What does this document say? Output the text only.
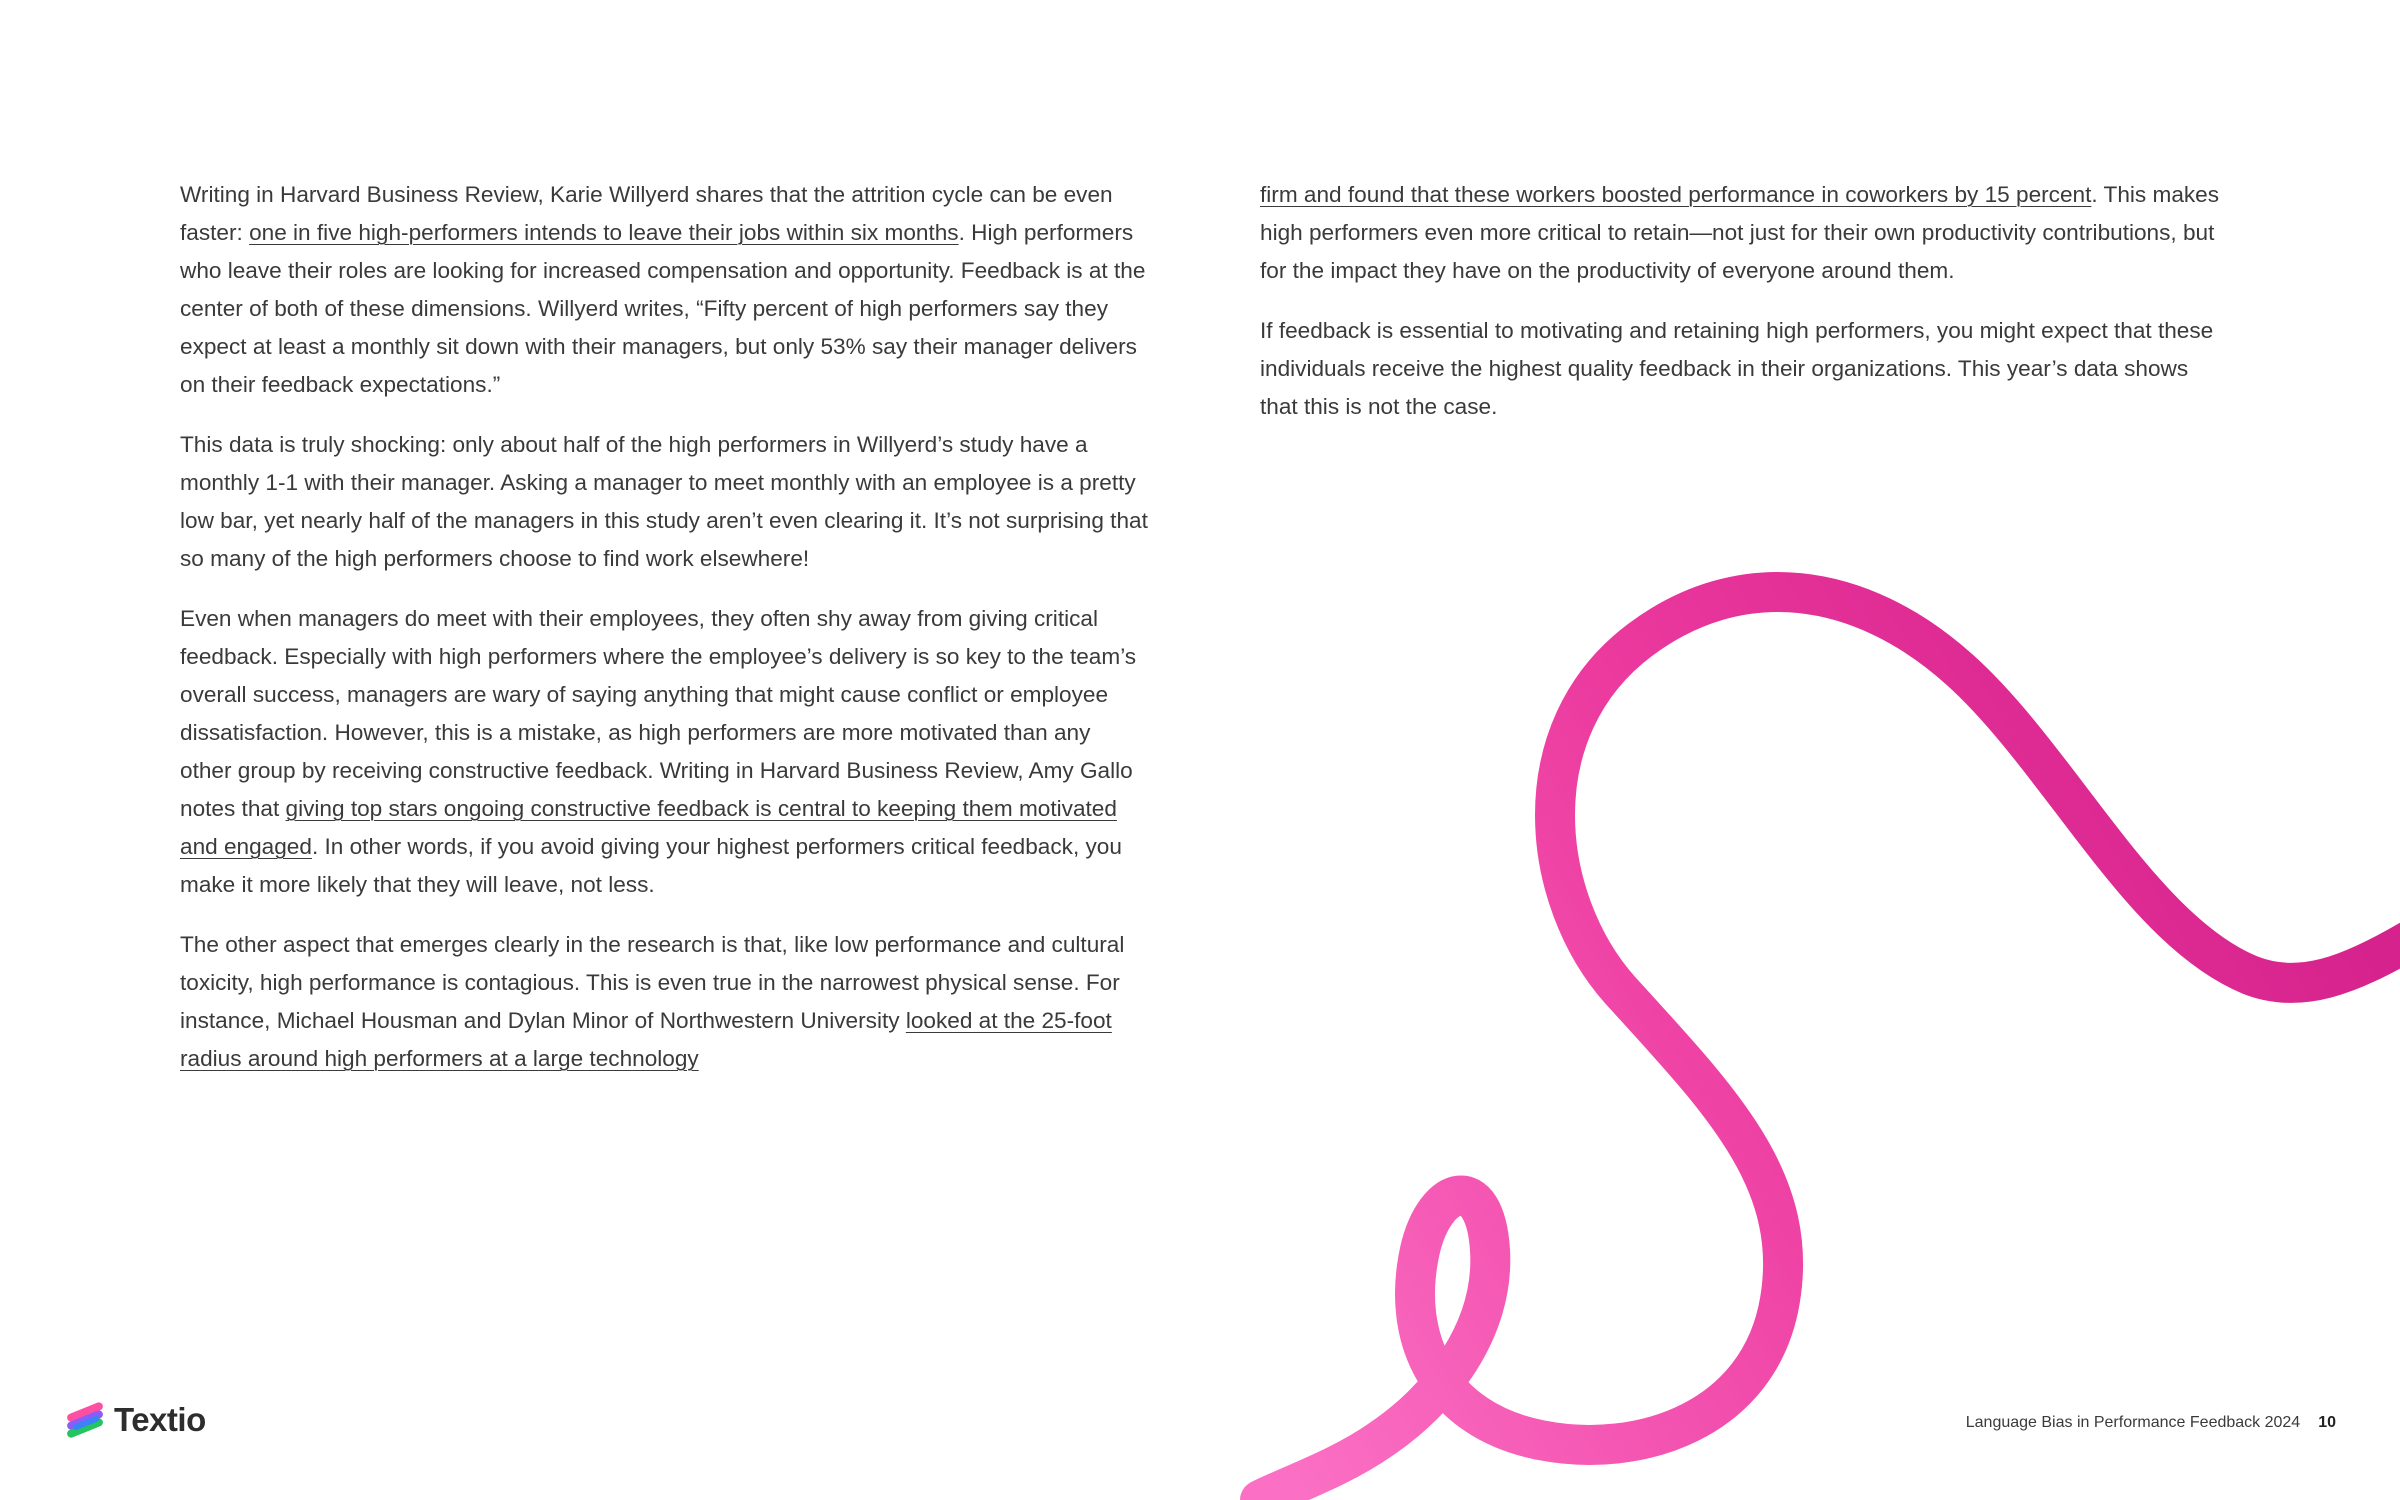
Writing in Harvard Business Review, Karie Willyerd shares that the attrition cycle can be even faster: one in five high-performers intends to leave their jobs within six months. High performers who leave their roles are looking for increased compensation and opportunity. Feedback is at the center of both of these dimensions. Willyerd writes, “Fifty percent of high performers say they expect at least a monthly sit down with their managers, but only 53% say their manager delivers on their feedback expectations.”

This data is truly shocking: only about half of the high performers in Willyerd’s study have a monthly 1-1 with their manager. Asking a manager to meet monthly with an employee is a pretty low bar, yet nearly half of the managers in this study aren’t even clearing it. It’s not surprising that so many of the high performers choose to find work elsewhere!

Even when managers do meet with their employees, they often shy away from giving critical feedback. Especially with high performers where the employee’s delivery is so key to the team’s overall success, managers are wary of saying anything that might cause conflict or employee dissatisfaction. However, this is a mistake, as high performers are more motivated than any other group by receiving constructive feedback. Writing in Harvard Business Review, Amy Gallo notes that giving top stars ongoing constructive feedback is central to keeping them motivated and engaged. In other words, if you avoid giving your highest performers critical feedback, you make it more likely that they will leave, not less.

The other aspect that emerges clearly in the research is that, like low performance and cultural toxicity, high performance is contagious. This is even true in the narrowest physical sense. For instance, Michael Housman and Dylan Minor of Northwestern University looked at the 25-foot radius around high performers at a large technology

firm and found that these workers boosted performance in coworkers by 15 percent. This makes high performers even more critical to retain—not just for their own productivity contributions, but for the impact they have on the productivity of everyone around them.

If feedback is essential to motivating and retaining high performers, you might expect that these individuals receive the highest quality feedback in their organizations. This year’s data shows that this is not the case.

Textio	Language Bias in Performance Feedback 2024 10
